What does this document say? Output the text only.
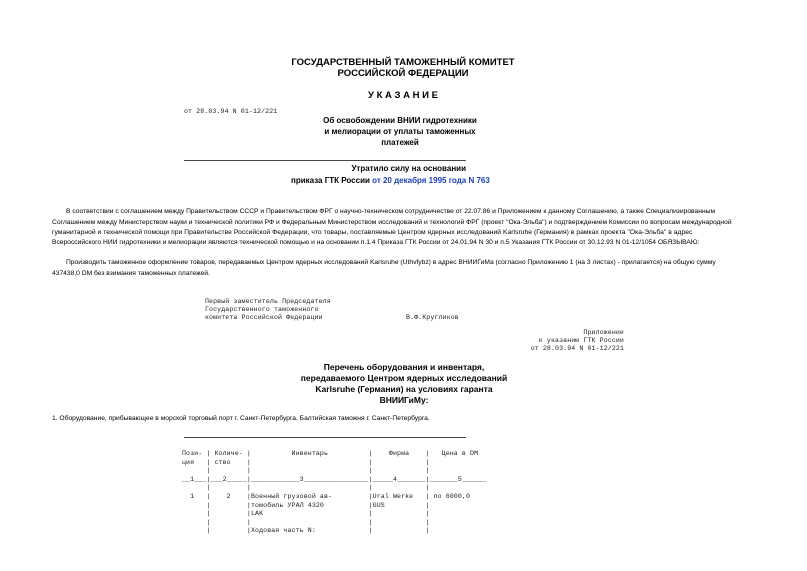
ГОСУДАРСТВЕННЫЙ ТАМОЖЕННЫЙ КОМИТЕТ
РОССИЙСКОЙ ФЕДЕРАЦИИ
У К А З А Н И Е
от 28.03.94 N 01-12/221
Об освобождении ВНИИ гидротехники
и мелиорации от уплаты таможенных
платежей
Утратило силу на основании
приказа ГТК России от 20 декабря 1995 года N 763
В соответствии с соглашением между Правительством СССР и Правительством ФРГ о научно-техническом сотрудничестве от 22.07.86 и Приложением к данному Соглашению, а также Специализированным
Соглашением между Министерством науки и технической политики РФ и Федеральным Министерством исследований и технологий ФРГ (проект "Ока-Эльба") и подтверждением Комиссии по вопросам международной
гуманитарной и технической помощи при Правительстве Российской Федерации, что товары, поставляемые Центром ядерных исследований Karlsruhe (Германия) в рамках проекта "Ока-Эльба" в адрес
Всероссийского НИИ гидротехники и мелиорации являются технической помощью и на основании п.1.4 Приказа ГТК России от 24.01.94 N 30 и п.5 Указания ГТК России от 30.12.93 N 01-12/1054 ОБЯЗЫВАЮ:
Производить таможенное оформление товаров, передаваемых Центром ядерных исследований Karlsruhe (Uthvfybz) в адрес ВНИИГиМа (согласно Приложению 1 (на 3 листах) - прилагается) на общую сумму
437438,0 DM без взимания таможенных платежей.
Первый заместитель Председателя
Государственного таможенного
комитета Российской Федерации	В.Ф.Кругликов
Приложение
к указанию ГТК России
от 28.03.94 N 01-12/221
Перечень оборудования и инвентаря,
передаваемого Центром ядерных исследований
Karlsruhe (Германия) на условиях гаранта
ВНИИГиМу:
1. Оборудование, прибывающее в морской торговый порт г. Санкт-Петербурга, Балтийская таможня г. Санкт-Петербурга.
Пози- | Количе- |          Инвентарь          |    Фирма    |   Цена в DM
ция   | ство    |                             |             |
|         |                             |             |
__1___|___2_____|____________3________________|_____4_______|_______5______
|         |                             |             |
1   |    2    |Военный грузовой ав-         |Ural Werke   | по 6000,0
|         |томобиль УРАЛ 4320           |GUS          |
|         |LAK                          |             |
|         |                             |             |
|         |Ходовая часть N:             |             |
